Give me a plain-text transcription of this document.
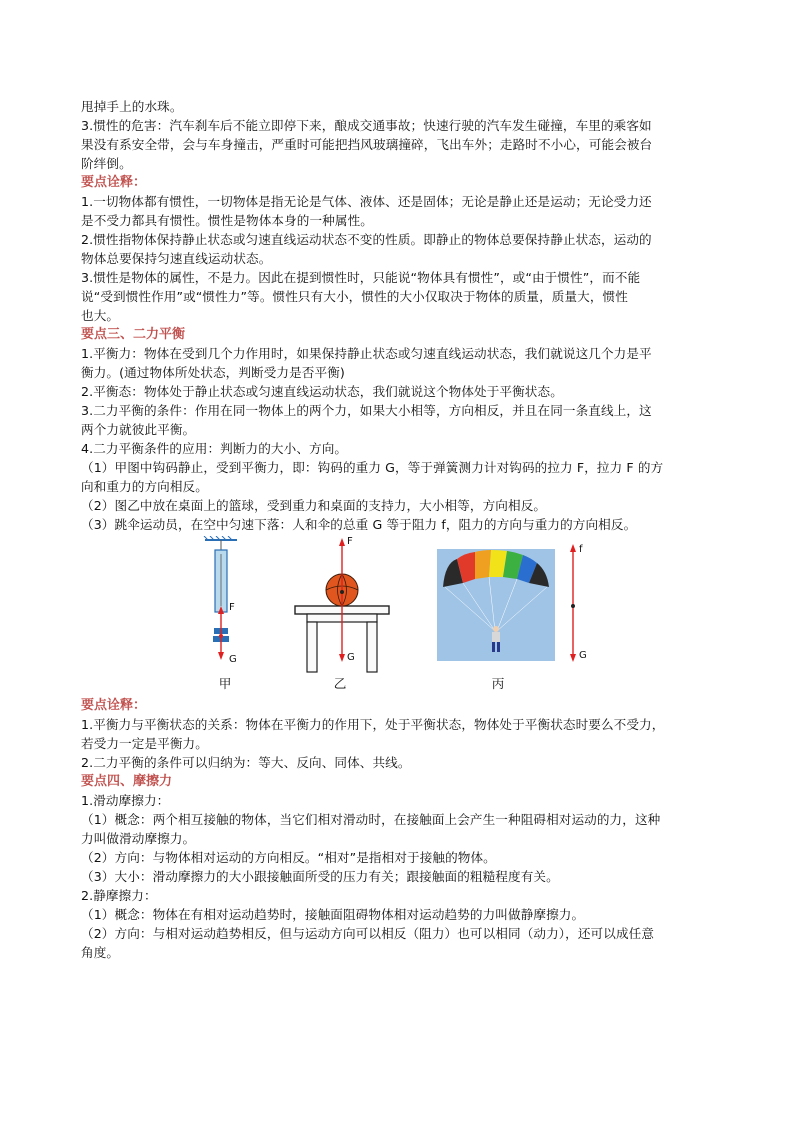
甩掉手上的水珠。

3.惯性的危害：汽车刹车后不能立即停下来，酿成交通事故；快速行驶的汽车发生碰撞，车里的乘客如

果没有系安全带，会与车身撞击，严重时可能把挡风玻璃撞碎，飞出车外；走路时不小心，可能会被台

阶绊倒。

要点诠释：

1.一切物体都有惯性，一切物体是指无论是气体、液体、还是固体；无论是静止还是运动；无论受力还

是不受力都具有惯性。惯性是物体本身的一种属性。

2.惯性指物体保持静止状态或匀速直线运动状态不变的性质。即静止的物体总要保持静止状态，运动的

物体总要保持匀速直线运动状态。

3.惯性是物体的属性，不是力。因此在提到惯性时，只能说“物体具有惯性”，或“由于惯性”，而不能

说“受到惯性作用”或“惯性力”等。惯性只有大小，惯性的大小仅取决于物体的质量，质量大，惯性

也大。

要点三、二力平衡

1.平衡力：物体在受到几个力作用时，如果保持静止状态或匀速直线运动状态，我们就说这几个力是平

衡力。(通过物体所处状态，判断受力是否平衡)

2.平衡态：物体处于静止状态或匀速直线运动状态，我们就说这个物体处于平衡状态。

3.二力平衡的条件：作用在同一物体上的两个力，如果大小相等，方向相反，并且在同一条直线上，这

两个力就彼此平衡。

4.二力平衡条件的应用：判断力的大小、方向。

（1）甲图中钩码静止，受到平衡力，即：钩码的重力 G，等于弹簧测力计对钩码的拉力 F，拉力 F 的方

向和重力的方向相反。

（2）图乙中放在桌面上的篮球，受到重力和桌面的支持力，大小相等，方向相反。

（3）跳伞运动员，在空中匀速下落：人和伞的总重 G 等于阻力 f，阻力的方向与重力的方向相反。

F
G
甲
F
G
乙
f
G
丙

要点诠释：

1.平衡力与平衡状态的关系：物体在平衡力的作用下，处于平衡状态，物体处于平衡状态时要么不受力，

若受力一定是平衡力。

2.二力平衡的条件可以归纳为：等大、反向、同体、共线。

要点四、摩擦力

1.滑动摩擦力：

（1）概念：两个相互接触的物体，当它们相对滑动时，在接触面上会产生一种阻碍相对运动的力，这种

力叫做滑动摩擦力。

（2）方向：与物体相对运动的方向相反。“相对”是指相对于接触的物体。

（3）大小：滑动摩擦力的大小跟接触面所受的压力有关；跟接触面的粗糙程度有关。

2.静摩擦力：

（1）概念：物体在有相对运动趋势时，接触面阻碍物体相对运动趋势的力叫做静摩擦力。

（2）方向：与相对运动趋势相反，但与运动方向可以相反（阻力）也可以相同（动力），还可以成任意

角度。
